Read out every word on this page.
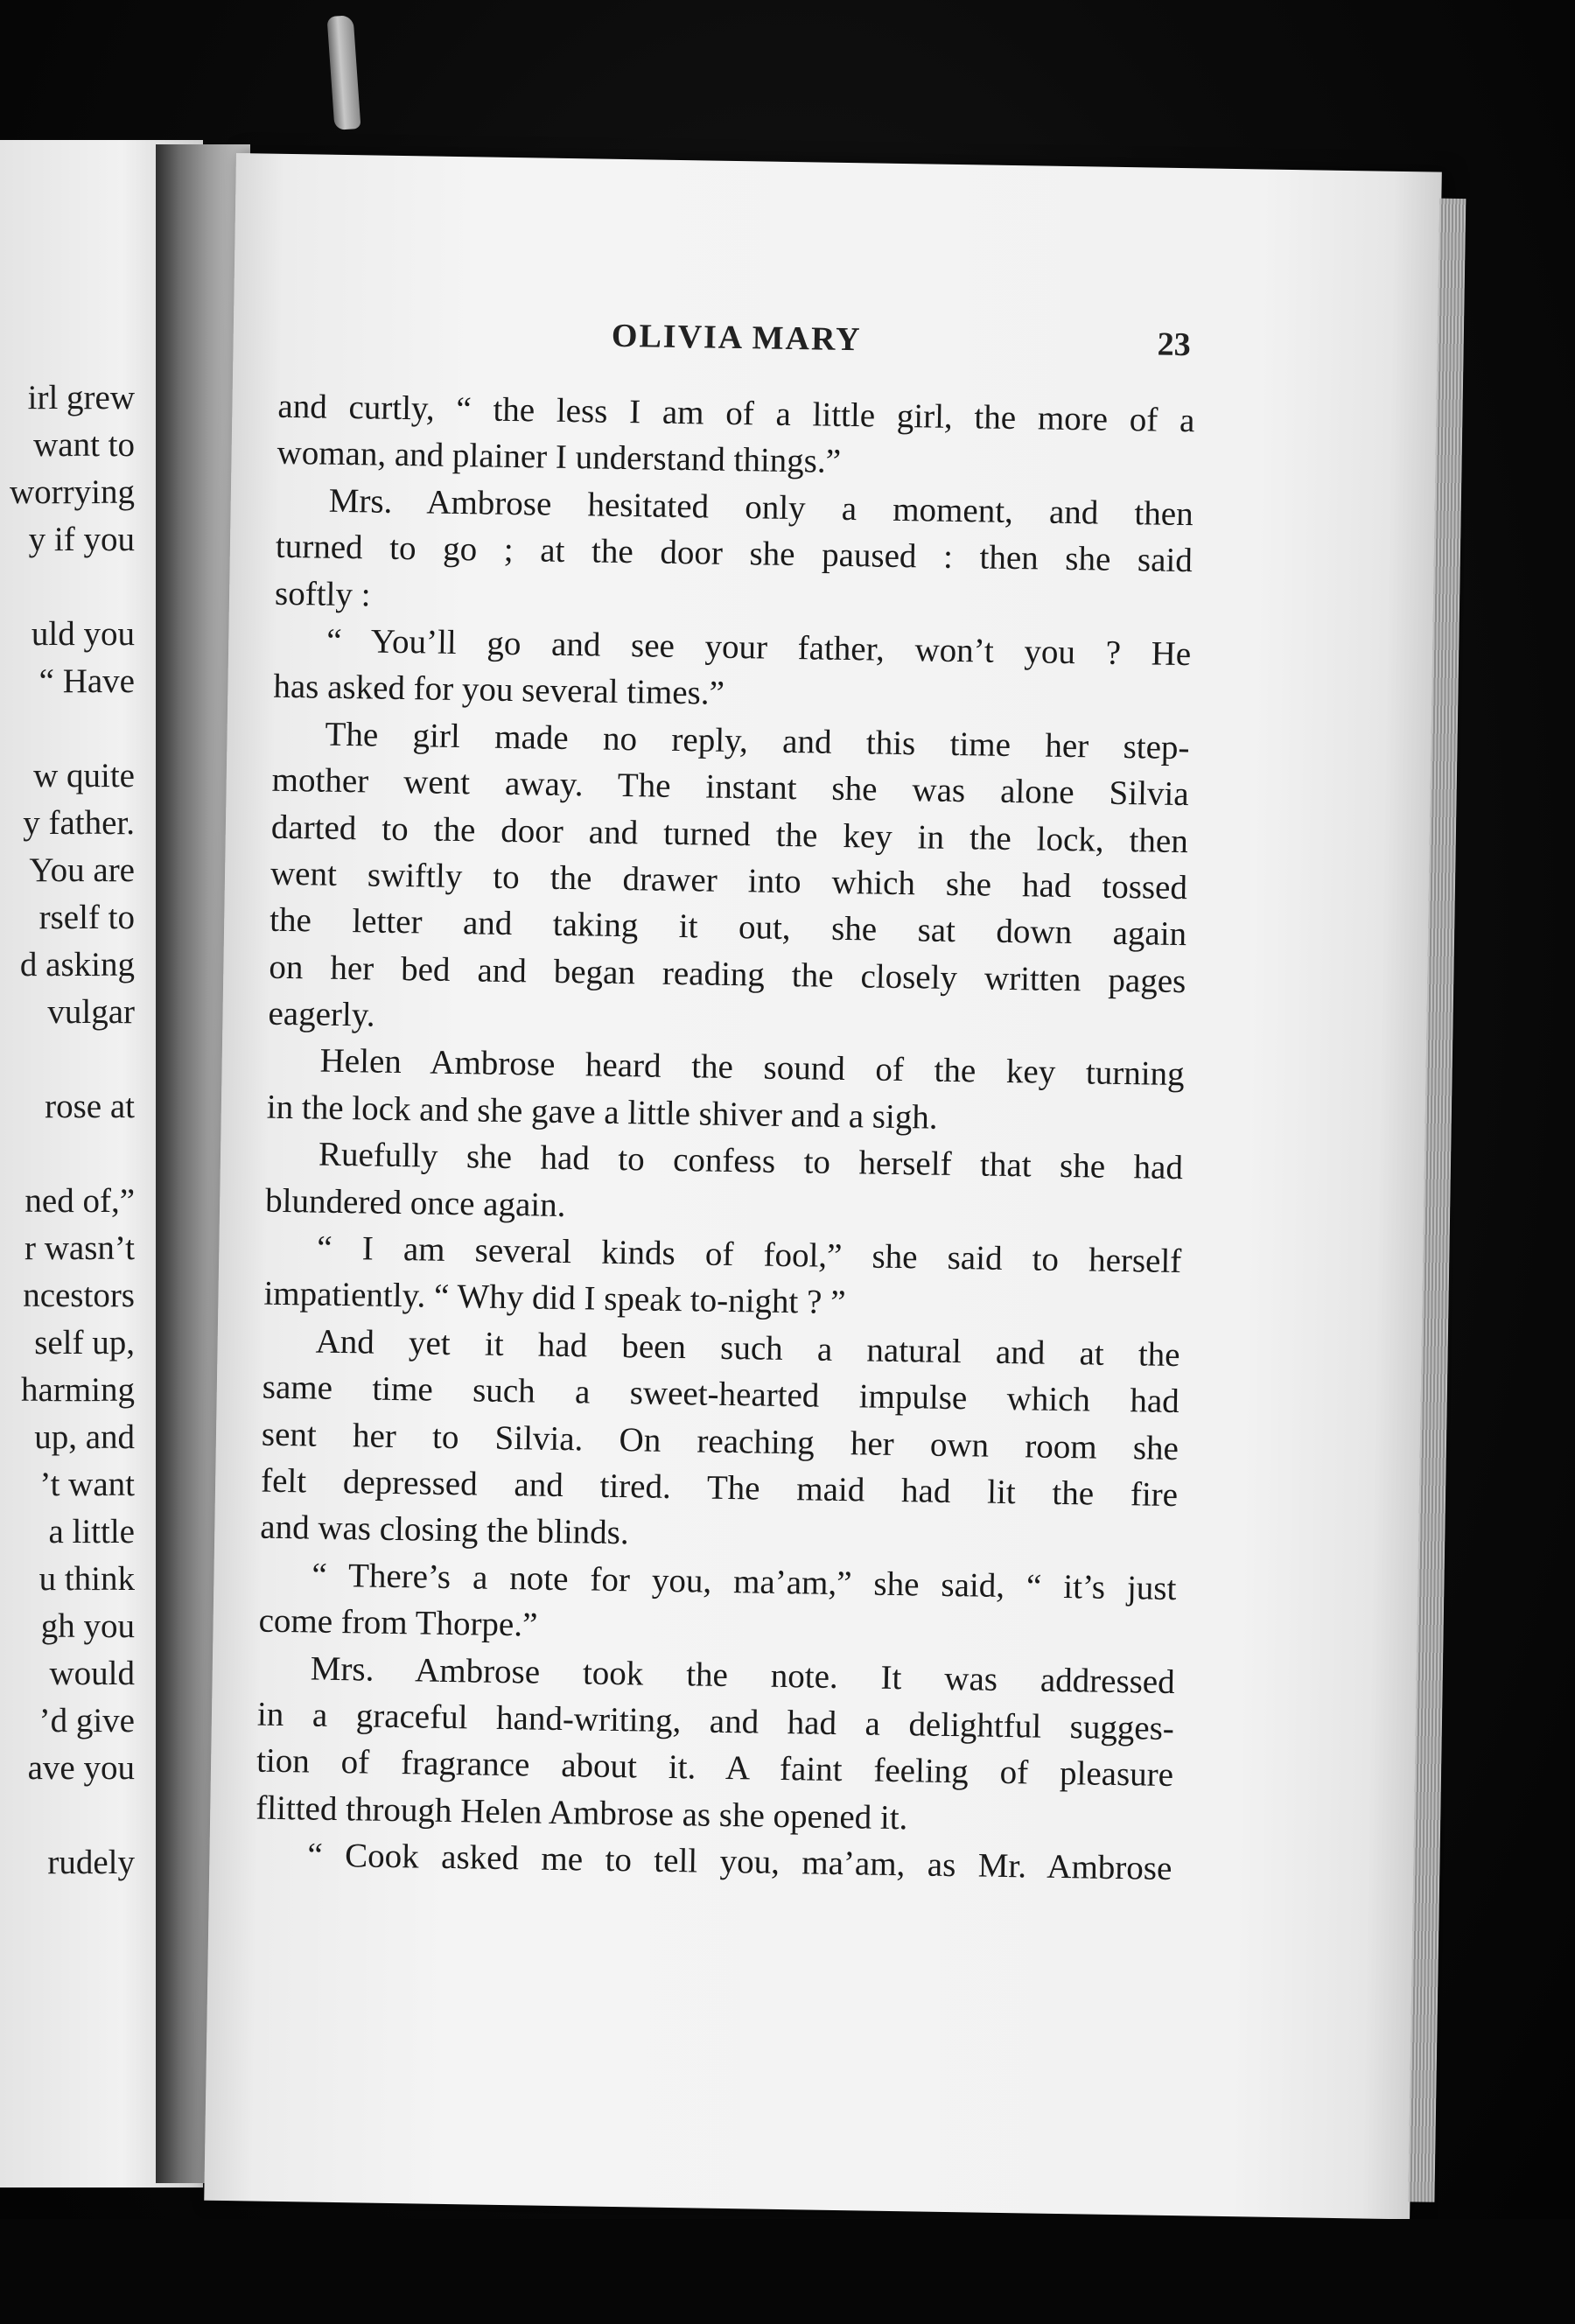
irl grew
want to
worrying
y if you
uld you
“ Have
w quite
y father.
You are
rself to
d asking
vulgar
rose at
ned of,”
r wasn’t
ncestors
self up,
harming
up, and
’t want
a little
u think
gh you
would
’d give
ave you
rudely
OLIVIA MARY	23
and curtly, “ the less I am of a little girl, the more of a
woman, and plainer I understand things.”
Mrs. Ambrose hesitated only a moment, and then
turned to go ; at the door she paused : then she said
softly :
“ You’ll go and see your father, won’t you ? He
has asked for you several times.”
The girl made no reply, and this time her step-
mother went away. The instant she was alone Silvia
darted to the door and turned the key in the lock, then
went swiftly to the drawer into which she had tossed
the letter and taking it out, she sat down again
on her bed and began reading the closely written pages
eagerly.
Helen Ambrose heard the sound of the key turning
in the lock and she gave a little shiver and a sigh.
Ruefully she had to confess to herself that she had
blundered once again.
“ I am several kinds of fool,” she said to herself
impatiently. “ Why did I speak to-night ? ”
And yet it had been such a natural and at the
same time such a sweet-hearted impulse which had
sent her to Silvia. On reaching her own room she
felt depressed and tired. The maid had lit the fire
and was closing the blinds.
“ There’s a note for you, ma’am,” she said, “ it’s just
come from Thorpe.”
Mrs. Ambrose took the note. It was addressed
in a graceful hand-writing, and had a delightful sugges-
tion of fragrance about it. A faint feeling of pleasure
flitted through Helen Ambrose as she opened it.
“ Cook asked me to tell you, ma’am, as Mr. Ambrose
